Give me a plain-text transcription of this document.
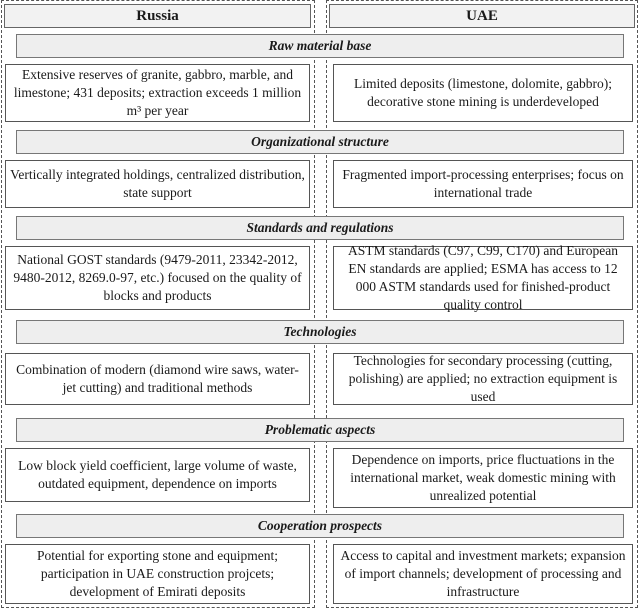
Russia	UAE
Raw material base
Extensive reserves of granite, gabbro, marble, and limestone; 431 deposits; extraction exceeds 1 million m³ per year
Limited deposits (limestone, dolomite, gabbro); decorative stone mining is underdeveloped
Organizational structure
Vertically integrated holdings, centralized distribution, state support
Fragmented import-processing enterprises; focus on international trade
Standards and regulations
National GOST standards (9479-2011, 23342-2012, 9480-2012, 8269.0-97, etc.) focused on the quality of blocks and products
ASTM standards (C97, C99, C170) and European EN standards are applied; ESMA has access to 12 000 ASTM standards used for finished-product quality control
Technologies
Combination of modern (diamond wire saws, water-jet cutting) and traditional methods
Technologies for secondary processing (cutting, polishing) are applied; no extraction equipment is used
Problematic aspects
Low block yield coefficient, large volume of waste, outdated equipment, dependence on imports
Dependence on imports, price fluctuations in the international market, weak domestic mining with unrealized potential
Cooperation prospects
Potential for exporting stone and equipment; participation in UAE construction projcets; development of Emirati deposits
Access to capital and investment markets; expansion of import channels; development of processing and infrastructure
